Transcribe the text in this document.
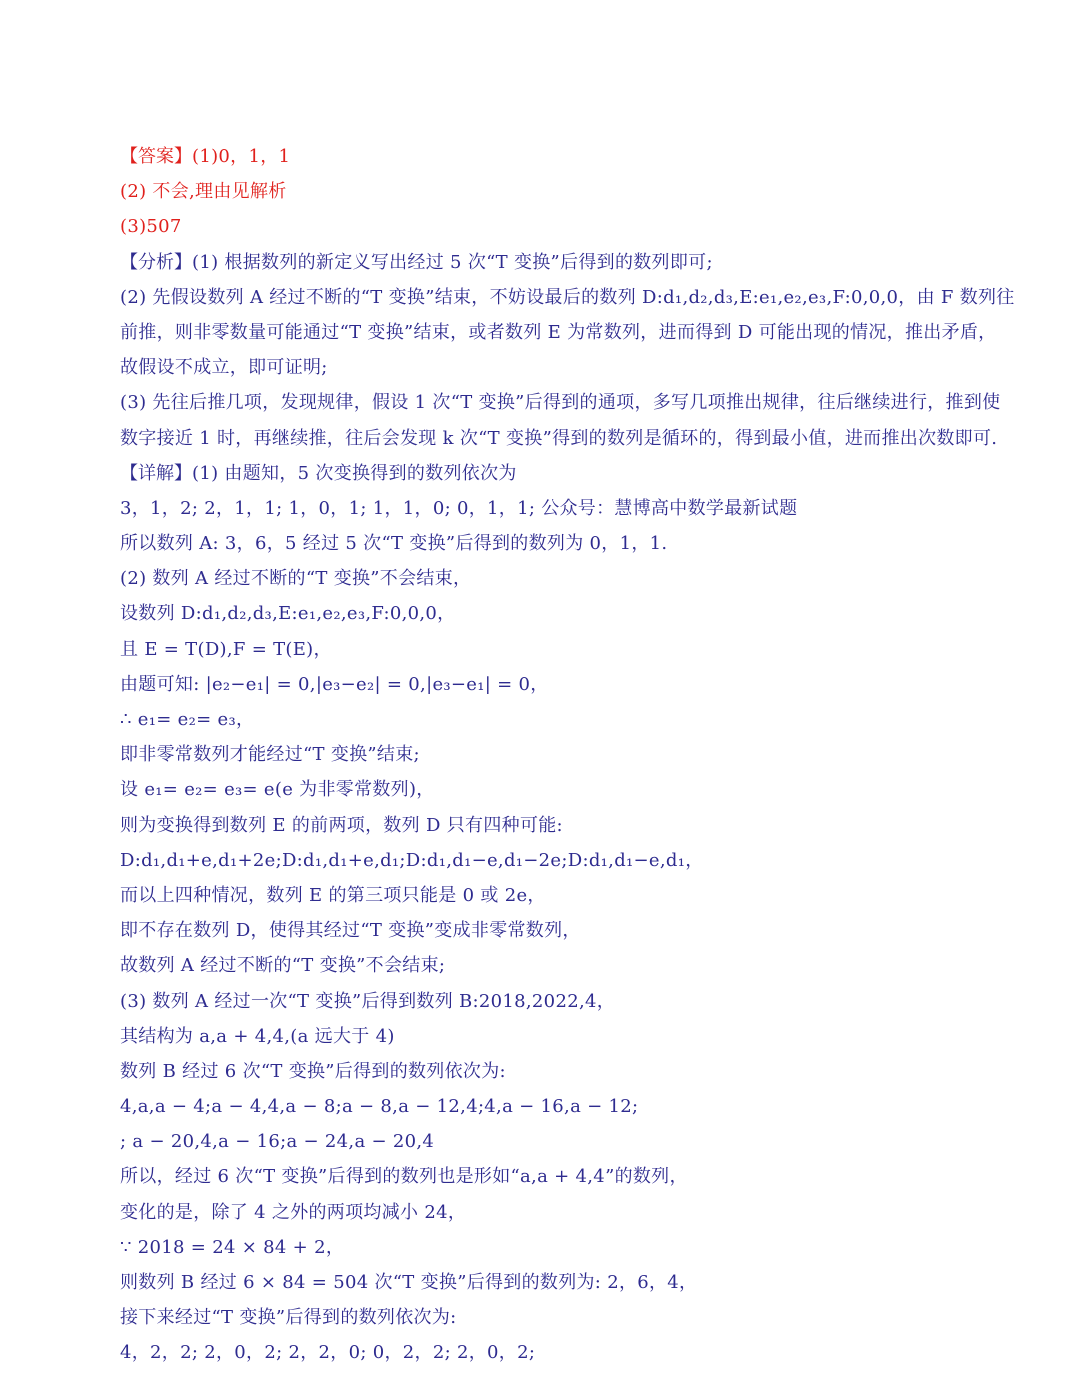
【答案】(1)0，1，1
(2) 不会,理由见解析
(3)507
【分析】(1) 根据数列的新定义写出经过 5 次“T 变换”后得到的数列即可;
(2) 先假设数列 A 经过不断的“T 变换”结束，不妨设最后的数列 D:d₁,d₂,d₃,E:e₁,e₂,e₃,F:0,0,0，由 F 数列往
前推，则非零数量可能通过“T 变换”结束，或者数列 E 为常数列，进而得到 D 可能出现的情况，推出矛盾，
故假设不成立，即可证明;
(3) 先往后推几项，发现规律，假设 1 次“T 变换”后得到的通项，多写几项推出规律，往后继续进行，推到使
数字接近 1 时，再继续推，往后会发现 k 次“T 变换”得到的数列是循环的，得到最小值，进而推出次数即可.
【详解】(1) 由题知，5 次变换得到的数列依次为
3，1，2; 2，1，1; 1，0，1; 1，1，0; 0，1，1; 公众号：慧博高中数学最新试题
所以数列 A: 3，6，5 经过 5 次“T 变换”后得到的数列为 0，1，1.
(2) 数列 A 经过不断的“T 变换”不会结束，
设数列 D:d₁,d₂,d₃,E:e₁,e₂,e₃,F:0,0,0，
且 E = T(D),F = T(E)，
由题可知: |e₂−e₁| = 0,|e₃−e₂| = 0,|e₃−e₁| = 0，
∴ e₁= e₂= e₃，
即非零常数列才能经过“T 变换”结束;
设 e₁= e₂= e₃= e(e 为非零常数列)，
则为变换得到数列 E 的前两项，数列 D 只有四种可能:
D:d₁,d₁+e,d₁+2e;D:d₁,d₁+e,d₁;D:d₁,d₁−e,d₁−2e;D:d₁,d₁−e,d₁，
而以上四种情况，数列 E 的第三项只能是 0 或 2e，
即不存在数列 D，使得其经过“T 变换”变成非零常数列，
故数列 A 经过不断的“T 变换”不会结束;
(3) 数列 A 经过一次“T 变换”后得到数列 B:2018,2022,4，
其结构为 a,a + 4,4,(a 远大于 4)
数列 B 经过 6 次“T 变换”后得到的数列依次为:
4,a,a − 4;a − 4,4,a − 8;a − 8,a − 12,4;4,a − 16,a − 12;
; a − 20,4,a − 16;a − 24,a − 20,4
所以，经过 6 次“T 变换”后得到的数列也是形如“a,a + 4,4”的数列，
变化的是，除了 4 之外的两项均减小 24，
∵ 2018 = 24 × 84 + 2，
则数列 B 经过 6 × 84 = 504 次“T 变换”后得到的数列为: 2，6，4，
接下来经过“T 变换”后得到的数列依次为:
4，2，2; 2，0，2; 2，2，0; 0，2，2; 2，0，2;
